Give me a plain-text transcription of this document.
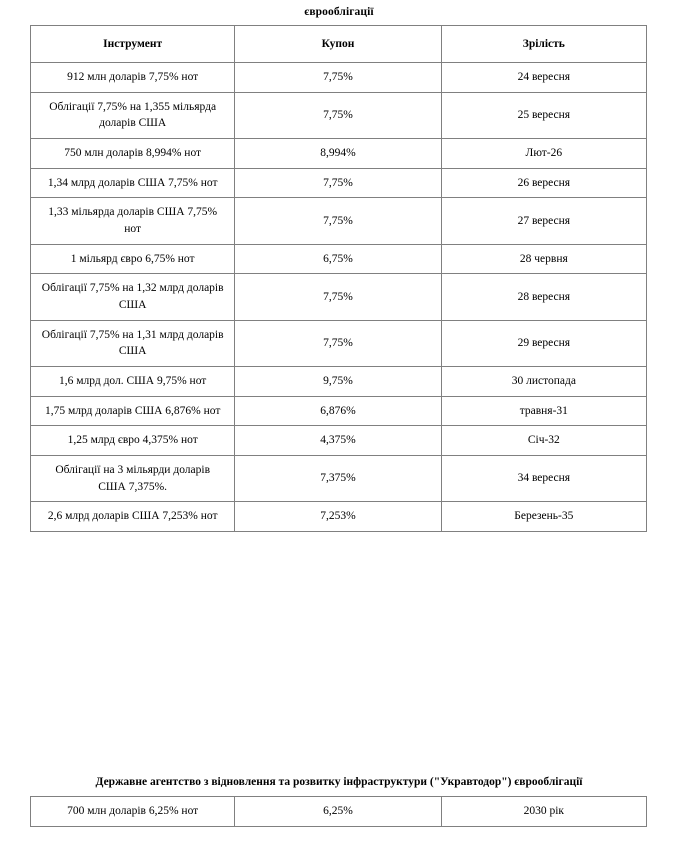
єврооблігації
Інструмент	Купон	Зрілість
912 млн доларів 7,75% нот	7,75%	24 вересня
Облігації 7,75% на 1,355 мільярда доларів США	7,75%	25 вересня
750 млн доларів 8,994% нот	8,994%	Лют-26
1,34 млрд доларів США 7,75% нот	7,75%	26 вересня
1,33 мільярда доларів США 7,75% нот	7,75%	27 вересня
1 мільярд євро 6,75% нот	6,75%	28 червня
Облігації 7,75% на 1,32 млрд доларів США	7,75%	28 вересня
Облігації 7,75% на 1,31 млрд доларів США	7,75%	29 вересня
1,6 млрд дол. США 9,75% нот	9,75%	30 листопада
1,75 млрд доларів США 6,876% нот	6,876%	травня-31
1,25 млрд євро 4,375% нот	4,375%	Січ-32
Облігації на 3 мільярди доларів США 7,375%.	7,375%	34 вересня
2,6 млрд доларів США 7,253% нот	7,253%	Березень-35
Державне агентство з відновлення та розвитку інфраструктури ("Укравтодор") єврооблігації
700 млн доларів 6,25% нот	6,25%	2030 рік
